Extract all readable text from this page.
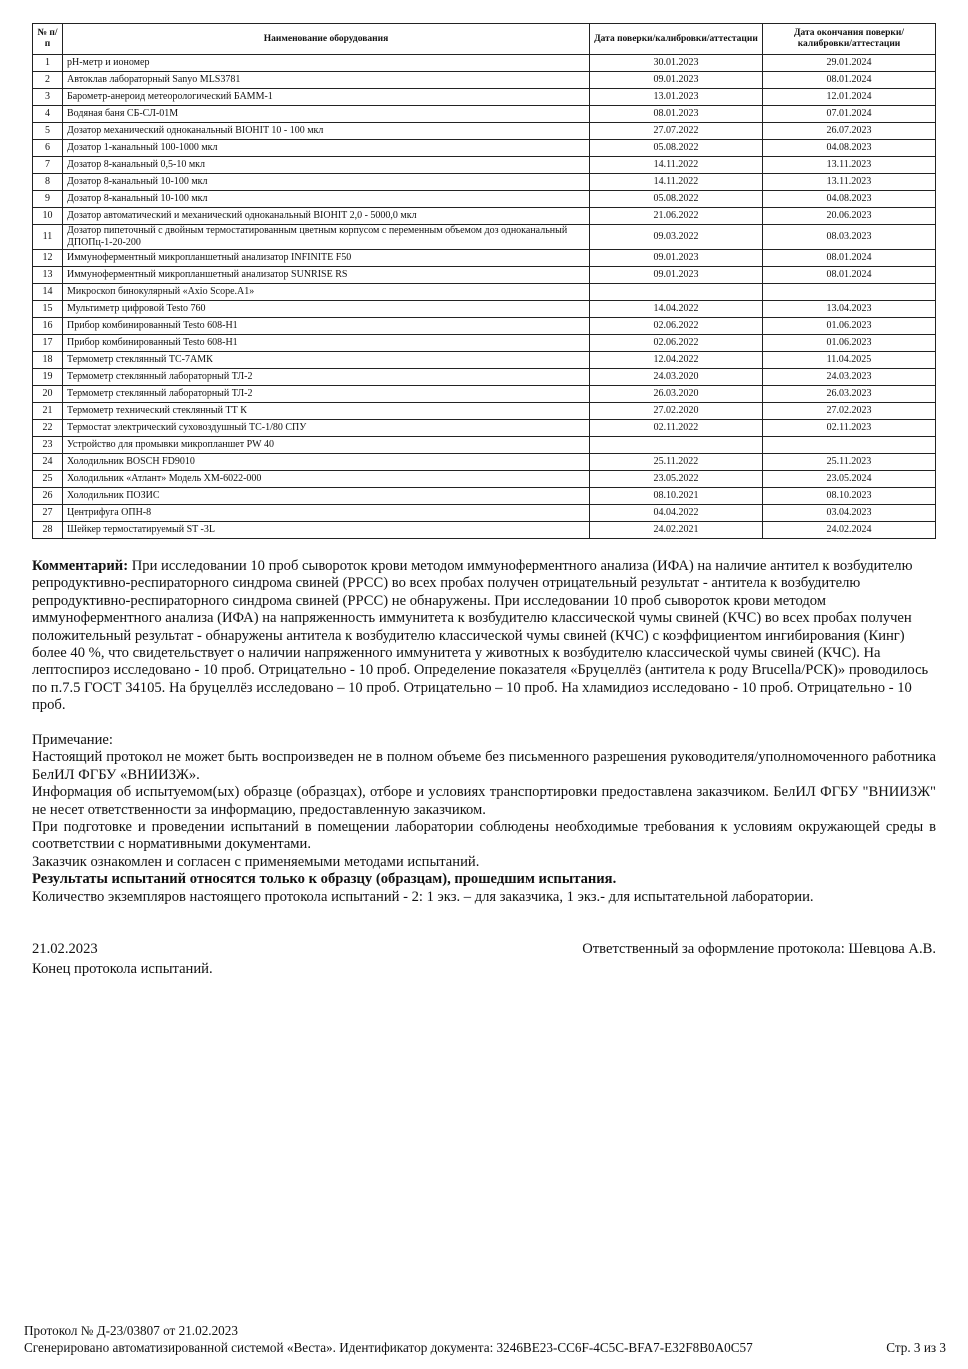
№ п/п	Наименование оборудования	Дата поверки/калибровки/аттестации	Дата окончания поверки/калибровки/аттестации
1	рН-метр и иономер	30.01.2023	29.01.2024
2	Автоклав лабораторный Sanyo MLS3781	09.01.2023	08.01.2024
3	Барометр-анероид метеорологический БАММ-1	13.01.2023	12.01.2024
4	Водяная баня СБ-СЛ-01М	08.01.2023	07.01.2024
5	Дозатор механический одноканальный BIOHIT 10 - 100 мкл	27.07.2022	26.07.2023
6	Дозатор 1-канальный 100-1000 мкл	05.08.2022	04.08.2023
7	Дозатор 8-канальный 0,5-10 мкл	14.11.2022	13.11.2023
8	Дозатор 8-канальный 10-100 мкл	14.11.2022	13.11.2023
9	Дозатор 8-канальный 10-100 мкл	05.08.2022	04.08.2023
10	Дозатор автоматический и механический одноканальный BIOHIT 2,0 - 5000,0 мкл	21.06.2022	20.06.2023
11	Дозатор пипеточный с двойным термостатированным цветным корпусом с переменным объемом доз одноканальный ДПОПц-1-20-200	09.03.2022	08.03.2023
12	Иммуноферментный микропланшетный анализатор INFINITE F50	09.01.2023	08.01.2024
13	Иммуноферментный микропланшетный анализатор SUNRISE RS	09.01.2023	08.01.2024
14	Микроскоп бинокулярный «Axio Scope.A1»		
15	Мультиметр цифровой Testo 760	14.04.2022	13.04.2023
16	Прибор комбинированный Testo 608-H1	02.06.2022	01.06.2023
17	Прибор комбинированный Testo 608-H1	02.06.2022	01.06.2023
18	Термометр стеклянный ТС-7АМК	12.04.2022	11.04.2025
19	Термометр стеклянный лабораторный ТЛ-2	24.03.2020	24.03.2023
20	Термометр стеклянный лабораторный ТЛ-2	26.03.2020	26.03.2023
21	Термометр технический стеклянный ТТ К	27.02.2020	27.02.2023
22	Термостат электрический суховоздушный ТС-1/80 СПУ	02.11.2022	02.11.2023
23	Устройство для промывки микропланшет PW 40		
24	Холодильник BOSCH FD9010	25.11.2022	25.11.2023
25	Холодильник «Атлант» Модель ХМ-6022-000	23.05.2022	23.05.2024
26	Холодильник ПОЗИС	08.10.2021	08.10.2023
27	Центрифуга ОПН-8	04.04.2022	03.04.2023
28	Шейкер термостатируемый ST -3L	24.02.2021	24.02.2024
Комментарий: При исследовании 10 проб сывороток крови методом иммуноферментного анализа (ИФА) на наличие антител к возбудителю репродуктивно-респираторного синдрома свиней (РРСС) во всех пробах получен отрицательный результат - антитела к возбудителю репродуктивно-респираторного синдрома свиней (РРСС) не обнаружены. При исследовании 10 проб сывороток крови методом иммуноферментного анализа (ИФА) на напряженность иммунитета к возбудителю классической чумы свиней (КЧС) во всех пробах получен положительный результат - обнаружены антитела к возбудителю классической чумы свиней (КЧС) с коэффициентом ингибирования (Кинг) более 40 %, что свидетельствует о наличии напряженного иммунитета у животных к возбудителю классической чумы свиней (КЧС). На лептоспироз исследовано - 10 проб. Отрицательно - 10 проб. Определение показателя «Бруцеллёз (антитела к роду Brucella/РСК)» проводилось по п.7.5 ГОСТ 34105. На бруцеллёз исследовано – 10 проб. Отрицательно – 10 проб. На хламидиоз исследовано - 10 проб. Отрицательно - 10 проб.

Примечание:

Настоящий протокол не может быть воспроизведен не в полном объеме без письменного разрешения руководителя/уполномоченного работника БелИЛ ФГБУ «ВНИИЗЖ».

Информация об испытуемом(ых) образце (образцах), отборе и условиях транспортировки предоставлена заказчиком. БелИЛ ФГБУ "ВНИИЗЖ" не несет ответственности за информацию, предоставленную заказчиком.

При подготовке и проведении испытаний в помещении лаборатории соблюдены необходимые требования к условиям окружающей среды в соответствии с нормативными документами.

Заказчик ознакомлен и согласен с применяемыми методами испытаний.

Результаты испытаний относятся только к образцу (образцам), прошедшим испытания.

Количество экземпляров настоящего протокола испытаний - 2: 1 экз. – для заказчика, 1 экз.- для испытательной лаборатории.

21.02.2023	Ответственный за оформление протокола: Шевцова А.В.
Конец протокола испытаний.
Протокол № Д-23/03807 от 21.02.2023
Сгенерировано автоматизированной системой «Веста». Идентификатор документа: 3246BE23-CC6F-4C5C-BFA7-E32F8B0A0C57	Стр. 3 из 3
